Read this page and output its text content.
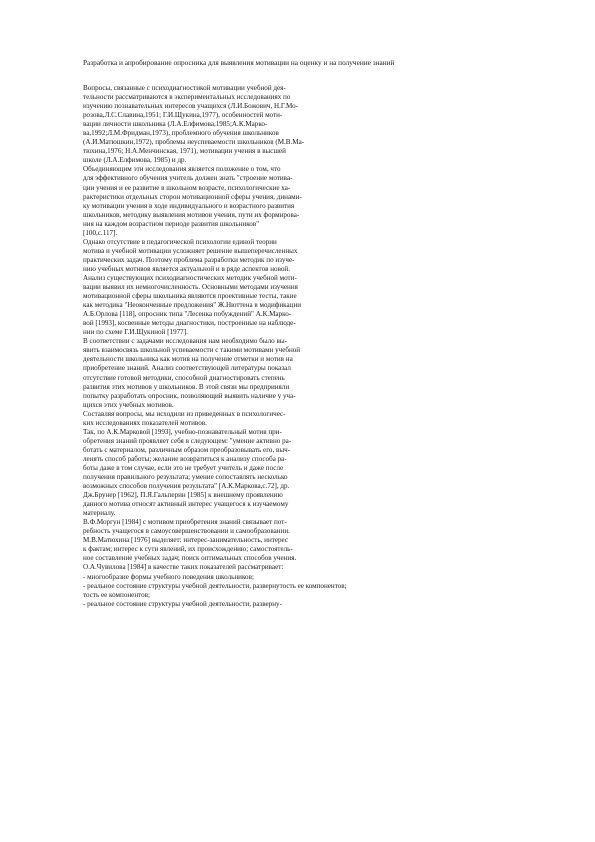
Разработка и апробирование опросника для выявления мотивации на оценку и на получение знаний
Вопросы, связанные с психодиагностикой мотивации учебной дея-
тельности рассматриваются в экспериментальных исследованиях по
изучению познавательных интересов учащихся (Л.И.Божович, Н.Г.Мо-
розова,Л.С.Славина,1951; Г.И.Щукина,1977), особенностей моти-
вации личности школьника (Л.А.Елфимова,1985;А.К.Марко-
ва,1992;Л.М.Фридман,1973), проблемного обучения школьников
(А.И.Матюшкин,1972), проблемы неуспеваемости школьников (М.В.Ма-
тюхина,1976; Н.А.Менчинская, 1971), мотивации учения в высшей
школе (Л.А.Елфимова, 1985) и др.
Объединяющим эти исследования является положение о том, что
для эффективного обучения учитель должен знать "строение мотива-
ции учения и ее развитие в школьном возрасте, психологические ха-
рактеристики отдельных сторон мотивационной сферы учения, динами-
ку мотивации учения в ходе индивидуального и возрастного развития
школьников, методику выявления мотивов учения, пути их формирова-
ния на каждом возрастном периоде развития школьников"
[100,с.117].
Однако отсутствие в педагогической психологии единой теории
мотива и учебной мотивации усложняет решение вышеперечисленных
практических задач. Поэтому проблема разработки методик по изуче-
нию учебных мотивов является актуальной и в ряде аспектов новой.
Анализ существующих психодиагностических методик учебной моти-
вации выявил их немногочисленность. Основными методами изучения
мотивационной сферы школьника являются проективные тесты, такие
как методика "Неоконченные предложения" Ж.Нюттена в модификации
А.Б.Орлова [118], опросник типа "Лесенка побуждений" А.К.Марко-
вой [1993], косвенные методы диагностики, построенные на наблюде-
нии по схеме Г.И.Щукиной [1977].
В соответствии с задачами исследования нам необходимо было вы-
явить взаимосвязь школьной успеваемости с такими мотивами учебной
деятельности школьника как мотив на получение отметки и мотив на
приобретение знаний. Анализ соответствующей литературы показал
отсутствие готовой методики, способной диагностировать степень
развития этих мотивов у школьников. В этой связи мы предприняли
попытку разработать опросник, позволяющий выявить наличие у уча-
щихся этих учебных мотивов.
Составляя вопросы, мы исходили из приведенных в психологичес-
ких исследованиях показателей мотивов.
Так, по А.К.Марковой [1993], учебно-познавательный мотив при-
обретения знаний проявляет себя в следующем: "умение активно ра-
ботать с материалом, различным образом преобразовывать его, выч-
ленять способ работы; желание возвратиться к анализу способа ра-
боты даже в том случае, если это не требует учитель и даже после
получения правильного результата; умение сопоставлять несколько
возможных способов получения результата" [А.К.Маркова,с.72], др.
Дж.Брунер [1962], П.Я.Гальперин [1985] к внешнему проявлению
данного мотива относят активный интерес учащегося к изучаемому
материалу.
В.Ф.Моргун [1984] с мотивом приобретения знаний связывает пот-
ребность учащегося в самоусовершенствовании и самообразовании.
М.В.Матюхина [1976] выделяет: интерес-занимательность, интерес
к фактам; интерес к сути явлений, их происхождению; самостоятель-
ное составление учебных задач; поиск оптимальных способов учения.
О.А.Чувилова [1984] в качестве таких показателей рассматривает:
- многообразие формы учебного поведения школьников;
- реальное состояние структуры учебной деятельности, развернутость ее компонентов;
тость ее компонентов;
- реальное состояние структуры учебной деятельности, разверну-
